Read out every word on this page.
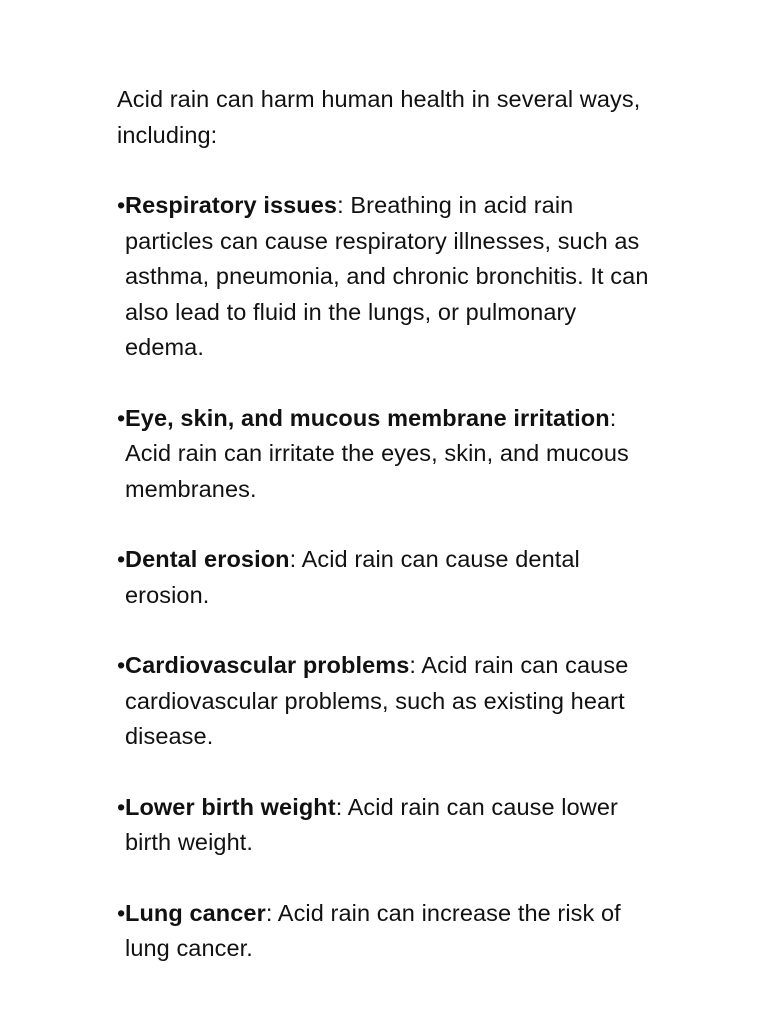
Acid rain can harm human health in several ways, including:

• Respiratory issues: Breathing in acid rain particles can cause respiratory illnesses, such as asthma, pneumonia, and chronic bronchitis. It can also lead to fluid in the lungs, or pulmonary edema.
• Eye, skin, and mucous membrane irritation: Acid rain can irritate the eyes, skin, and mucous membranes.
• Dental erosion: Acid rain can cause dental erosion.
• Cardiovascular problems: Acid rain can cause cardiovascular problems, such as existing heart disease.
• Lower birth weight: Acid rain can cause lower birth weight.
• Lung cancer: Acid rain can increase the risk of lung cancer.
